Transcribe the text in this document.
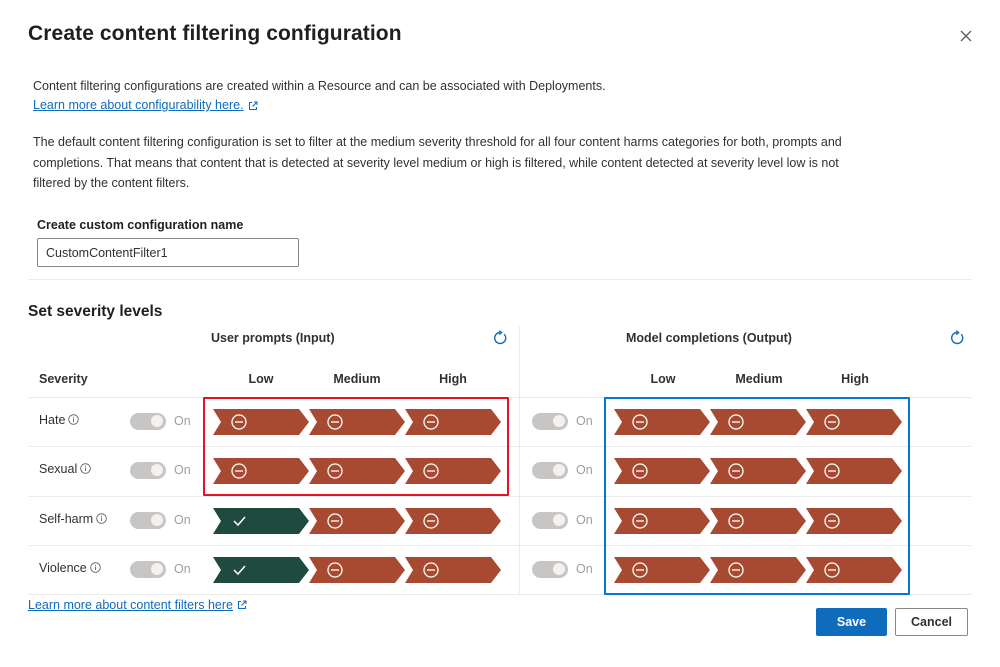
Create content filtering configuration
Content filtering configurations are created within a Resource and can be associated with Deployments.
Learn more about configurability here.

The default content filtering configuration is set to filter at the medium severity threshold for all four content harms categories for both, prompts and completions. That means that content that is detected at severity level medium or high is filtered, while content detected at severity level low is not filtered by the content filters.

Create custom configuration name
CustomContentFilter1
Set severity levels
User prompts (Input)	Model completions (Output)
Severity	Low	Medium	High	Low	Medium	High
Hate	On	On
Sexual	On	On
Self-harm	On	On
Violence	On	On
Learn more about content filters here
Save	Cancel
